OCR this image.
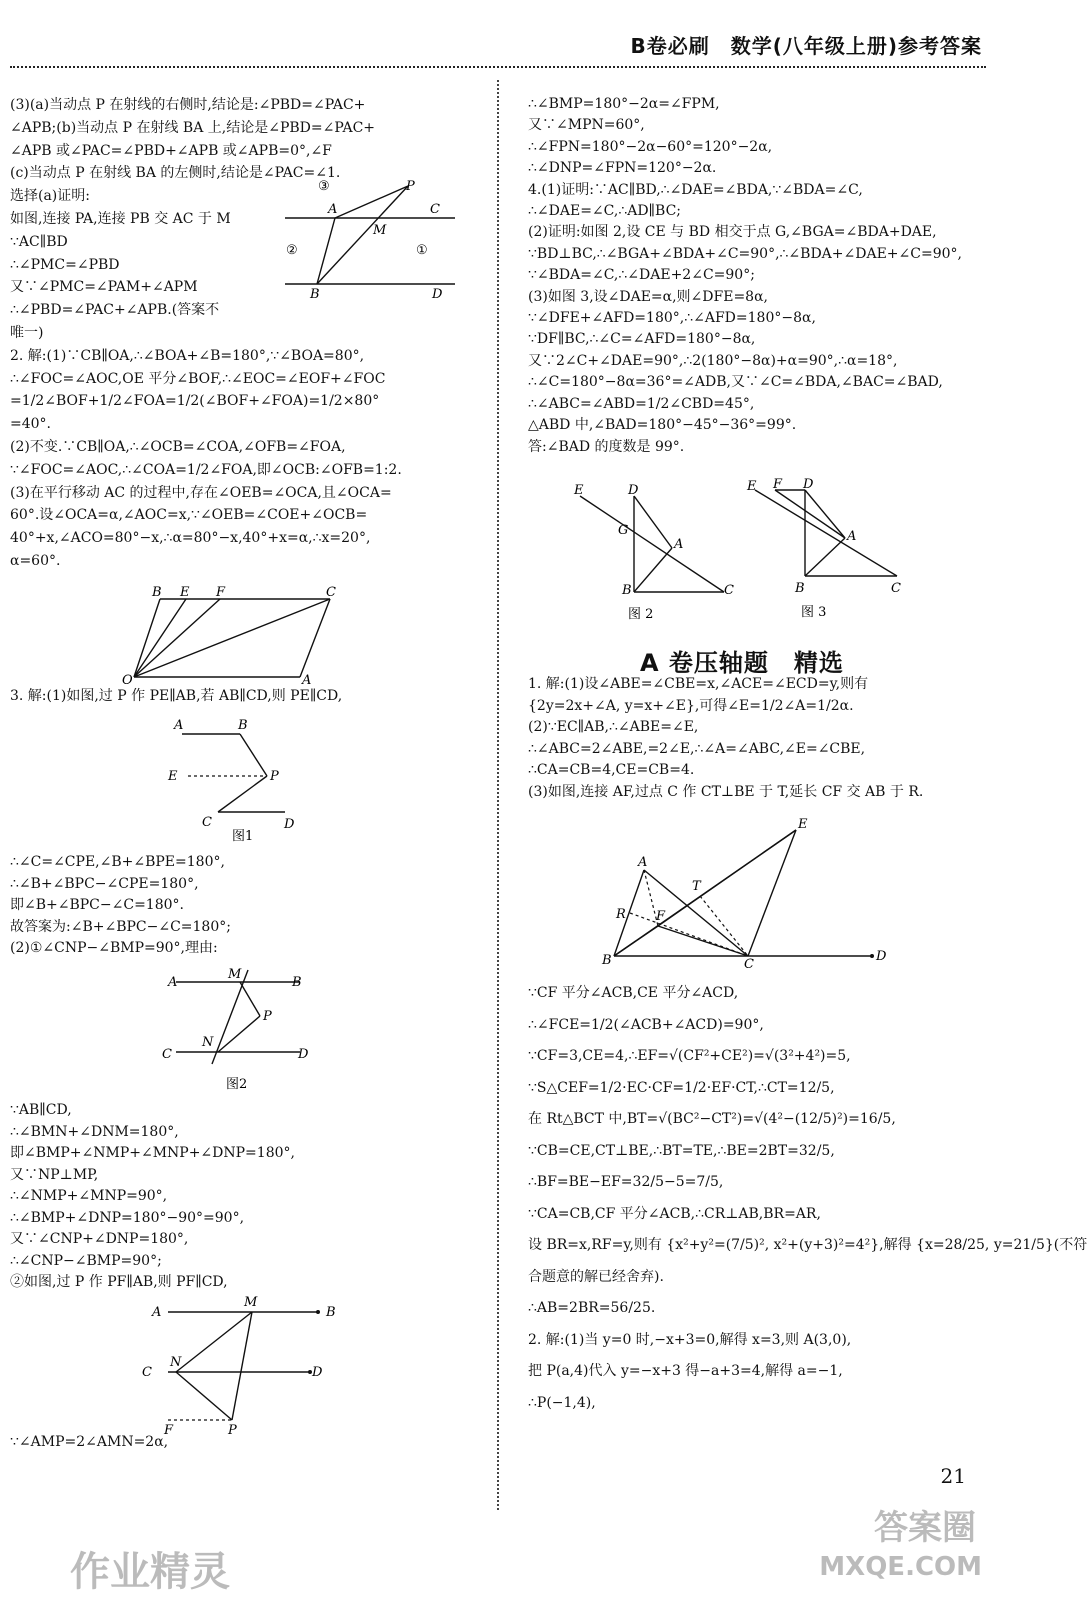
B卷必刷　数学(八年级上册)参考答案

(3)(a)当动点 P 在射线的右侧时,结论是:∠PBD=∠PAC+

∠APB;(b)当动点 P 在射线 BA 上,结论是∠PBD=∠PAC+

∠APB 或∠PAC=∠PBD+∠APB 或∠APB=0°,∠F

(c)当动点 P 在射线 BA 的左侧时,结论是∠PAC=∠1.

选择(a)证明:

如图,连接 PA,连接 PB 交 AC 于 M

∵AC∥BD

∴∠PMC=∠PBD

又∵∠PMC=∠PAM+∠APM

∴∠PBD=∠PAC+∠APB.(答案不

唯一)

2. 解:(1)∵CB∥OA,∴∠BOA+∠B=180°,∵∠BOA=80°,

∴∠FOC=∠AOC,OE 平分∠BOF,∴∠EOC=∠EOF+∠FOC

=1/2∠BOF+1/2∠FOA=1/2(∠BOF+∠FOA)=1/2×80°

=40°.

(2)不变.∵CB∥OA,∴∠OCB=∠COA,∠OFB=∠FOA,

∵∠FOC=∠AOC,∴∠COA=1/2∠FOA,即∠OCB:∠OFB=1:2.

(3)在平行移动 AC 的过程中,存在∠OEB=∠OCA,且∠OCA=

60°.设∠OCA=α,∠AOC=x,∵∠OEB=∠COE+∠OCB=

40°+x,∠ACO=80°−x,∴α=80°−x,40°+x=α,∴x=20°,

α=60°.

P
A	C
M
B	D
③
②	①
B E F	C
O	A

3. 解:(1)如图,过 P 作 PE∥AB,若 AB∥CD,则 PE∥CD,

A	B
E	P
C	D
图1

∴∠C=∠CPE,∠B+∠BPE=180°,

∴∠B+∠BPC−∠CPE=180°,

即∠B+∠BPC−∠C=180°.

故答案为:∠B+∠BPC−∠C=180°;

(2)①∠CNP−∠BMP=90°,理由:

A
M
B
P
N
C	D
图2

∵AB∥CD,

∴∠BMN+∠DNM=180°,

即∠BMP+∠NMP+∠MNP+∠DNP=180°,

又∵NP⊥MP,

∴∠NMP+∠MNP=90°,

∴∠BMP+∠DNP=180°−90°=90°,

又∵∠CNP+∠DNP=180°,

∴∠CNP−∠BMP=90°;

②如图,过 P 作 PF∥AB,则 PF∥CD,

A
M
B
N
C	D
F	P

∵∠AMP=2∠AMN=2α,

∴∠BMP=180°−2α=∠FPM,

又∵∠MPN=60°,

∴∠FPN=180°−2α−60°=120°−2α,

∴∠DNP=∠FPN=120°−2α.

4.(1)证明:∵AC∥BD,∴∠DAE=∠BDA,∵∠BDA=∠C,

∴∠DAE=∠C,∴AD∥BC;

(2)证明:如图 2,设 CE 与 BD 相交于点 G,∠BGA=∠BDA+DAE,

∵BD⊥BC,∴∠BGA+∠BDA+∠C=90°,∴∠BDA+∠DAE+∠C=90°,

∵∠BDA=∠C,∴∠DAE+2∠C=90°;

(3)如图 3,设∠DAE=α,则∠DFE=8α,

∵∠DFE+∠AFD=180°,∴∠AFD=180°−8α,

∵DF∥BC,∴∠C=∠AFD=180°−8α,

又∵2∠C+∠DAE=90°,∴2(180°−8α)+α=90°,∴α=18°,

∴∠C=180°−8α=36°=∠ADB,又∵∠C=∠BDA,∠BAC=∠BAD,

∴∠ABC=∠ABD=1/2∠CBD=45°,

△ABD 中,∠BAD=180°−45°−36°=99°.

答:∠BAD 的度数是 99°.

E	D
G
A
B	C
图 2
E F D
A
B	C
图 3
A 卷压轴题　精选

1. 解:(1)设∠ABE=∠CBE=x,∠ACE=∠ECD=y,则有

{2y=2x+∠A, y=x+∠E},可得∠E=1/2∠A=1/2α.

(2)∵EC∥AB,∴∠ABE=∠E,

∴∠ABC=2∠ABE,=2∠E,∴∠A=∠ABC,∠E=∠CBE,

∴CA=CB=4,CE=CB=4.

(3)如图,连接 AF,过点 C 作 CT⊥BE 于 T,延长 CF 交 AB 于 R.

A
E
T
R F
B	C
D

∵CF 平分∠ACB,CE 平分∠ACD,

∴∠FCE=1/2(∠ACB+∠ACD)=90°,

∵CF=3,CE=4,∴EF=√(CF²+CE²)=√(3²+4²)=5,

∵S△CEF=1/2·EC·CF=1/2·EF·CT,∴CT=12/5,

在 Rt△BCT 中,BT=√(BC²−CT²)=√(4²−(12/5)²)=16/5,

∵CB=CE,CT⊥BE,∴BT=TE,∴BE=2BT=32/5,

∴BF=BE−EF=32/5−5=7/5,

∵CA=CB,CF 平分∠ACB,∴CR⊥AB,BR=AR,

设 BR=x,RF=y,则有 {x²+y²=(7/5)², x²+(y+3)²=4²},解得 {x=28/25, y=21/5}(不符

合题意的解已经舍弃).

∴AB=2BR=56/25.

2. 解:(1)当 y=0 时,−x+3=0,解得 x=3,则 A(3,0),

把 P(a,4)代入 y=−x+3 得−a+3=4,解得 a=−1,

∴P(−1,4),

21
作业精灵
答案圈
MXQE.COM
